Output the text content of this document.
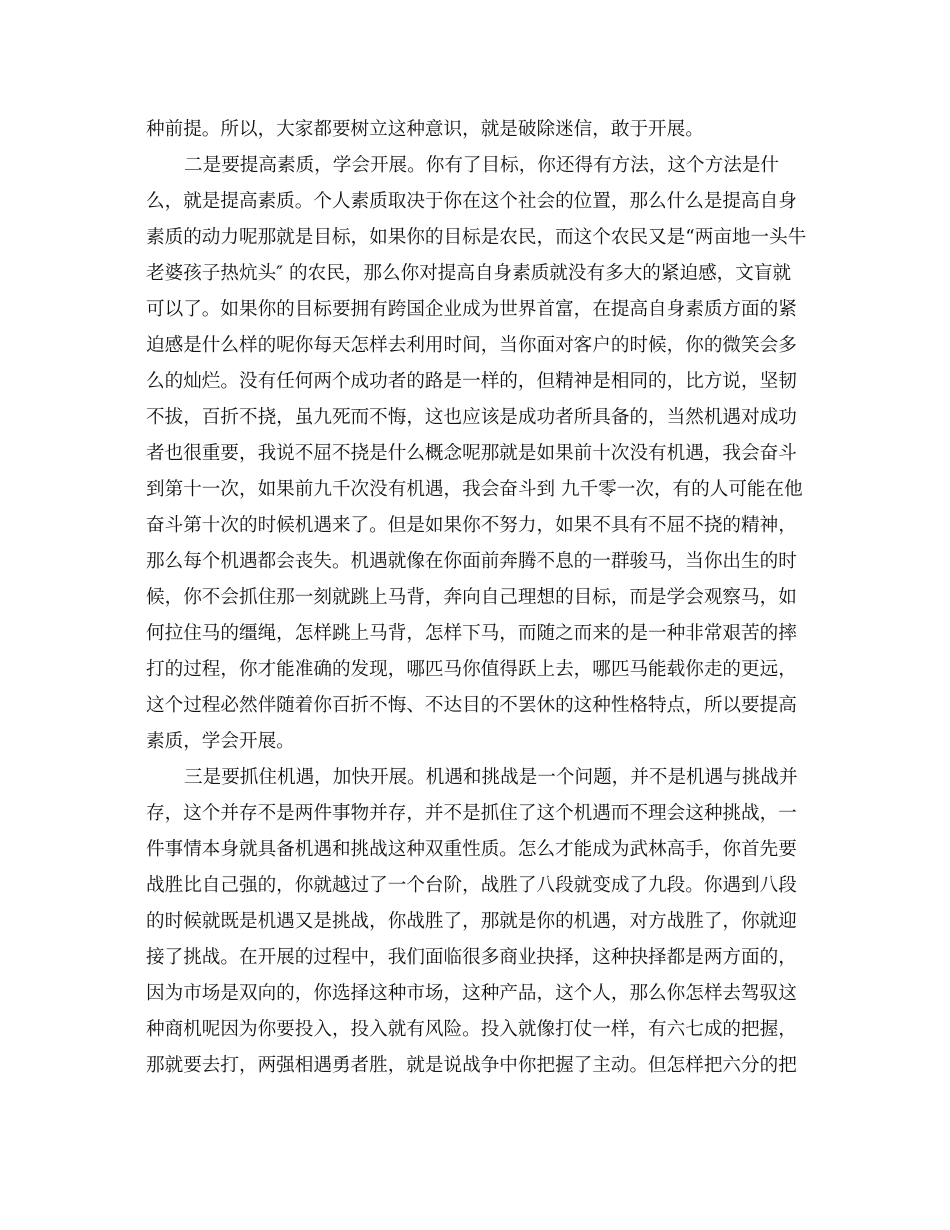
种前提。所以，大家都要树立这种意识，就是破除迷信，敢于开展。
二是要提高素质，学会开展。你有了目标，你还得有方法，这个方法是什
么，就是提高素质。个人素质取决于你在这个社会的位置，那么什么是提高自身
素质的动力呢那就是目标，如果你的目标是农民，而这个农民又是“两亩地一头牛
老婆孩子热炕头″ 的农民，那么你对提高自身素质就没有多大的紧迫感，文盲就
可以了。如果你的目标要拥有跨国企业成为世界首富，在提高自身素质方面的紧
迫感是什么样的呢你每天怎样去利用时间，当你面对客户的时候，你的微笑会多
么的灿烂。没有任何两个成功者的路是一样的，但精神是相同的，比方说，坚韧
不拔，百折不挠，虽九死而不悔，这也应该是成功者所具备的，当然机遇对成功
者也很重要，我说不屈不挠是什么概念呢那就是如果前十次没有机遇，我会奋斗
到第十一次，如果前九千次没有机遇，我会奋斗到 九千零一次，有的人可能在他
奋斗第十次的时候机遇来了。但是如果你不努力，如果不具有不屈不挠的精神，
那么每个机遇都会丧失。机遇就像在你面前奔腾不息的一群骏马，当你出生的时
候，你不会抓住那一刻就跳上马背，奔向自己理想的目标，而是学会观察马，如
何拉住马的缰绳，怎样跳上马背，怎样下马，而随之而来的是一种非常艰苦的摔
打的过程，你才能准确的发现，哪匹马你值得跃上去，哪匹马能载你走的更远，
这个过程必然伴随着你百折不悔、不达目的不罢休的这种性格特点，所以要提高
素质，学会开展。
三是要抓住机遇，加快开展。机遇和挑战是一个问题，并不是机遇与挑战并
存，这个并存不是两件事物并存，并不是抓住了这个机遇而不理会这种挑战，一
件事情本身就具备机遇和挑战这种双重性质。怎么才能成为武林高手，你首先要
战胜比自己强的，你就越过了一个台阶，战胜了八段就变成了九段。你遇到八段
的时候就既是机遇又是挑战，你战胜了，那就是你的机遇，对方战胜了，你就迎
接了挑战。在开展的过程中，我们面临很多商业抉择，这种抉择都是两方面的，
因为市场是双向的，你选择这种市场，这种产品，这个人，那么你怎样去驾驭这
种商机呢因为你要投入，投入就有风险。投入就像打仗一样，有六七成的把握，
那就要去打，两强相遇勇者胜，就是说战争中你把握了主动。但怎样把六分的把
